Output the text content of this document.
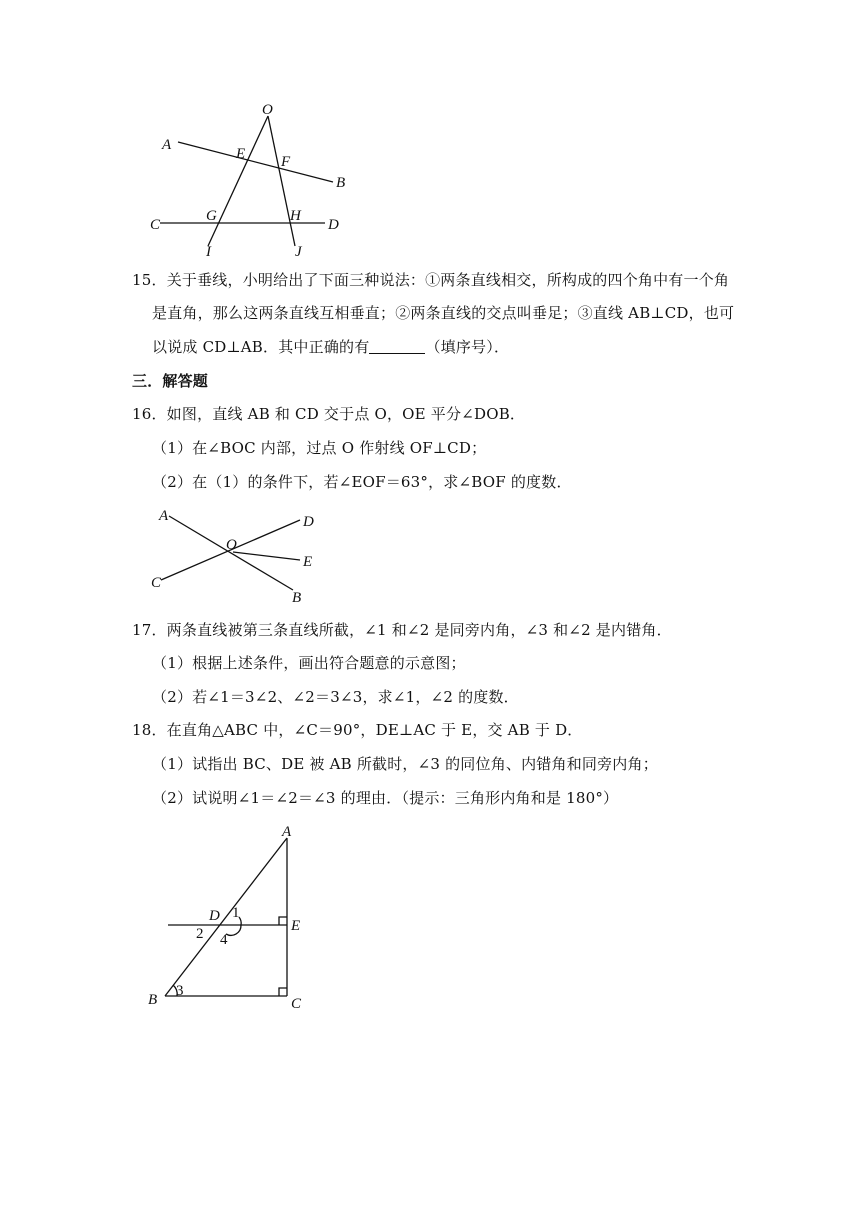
O
A
B
C	D
E F
G	H
I	J
15．关于垂线，小明给出了下面三种说法：①两条直线相交，所构成的四个角中有一个角
是直角，那么这两条直线互相垂直；②两条直线的交点叫垂足；③直线 AB⊥CD，也可
以说成 CD⊥AB．其中正确的有	（填序号）．
三．解答题
16．如图，直线 AB 和 CD 交于点 O，OE 平分∠DOB．
（1）在∠BOC 内部，过点 O 作射线 OF⊥CD；
（2）在（1）的条件下，若∠EOF＝63°，求∠BOF 的度数．
A
O
D
E
C
B
17．两条直线被第三条直线所截，∠1 和∠2 是同旁内角，∠3 和∠2 是内错角．
（1）根据上述条件，画出符合题意的示意图；
（2）若∠1＝3∠2、∠2＝3∠3，求∠1，∠2 的度数．
18．在直角△ABC 中，∠C＝90°，DE⊥AC 于 E，交 AB 于 D．
（1）试指出 BC、DE 被 AB 所截时，∠3 的同位角、内错角和同旁内角；
（2）试说明∠1＝∠2＝∠3 的理由．（提示：三角形内角和是 180°）
A
D
E
B	C
1
2 4
3
